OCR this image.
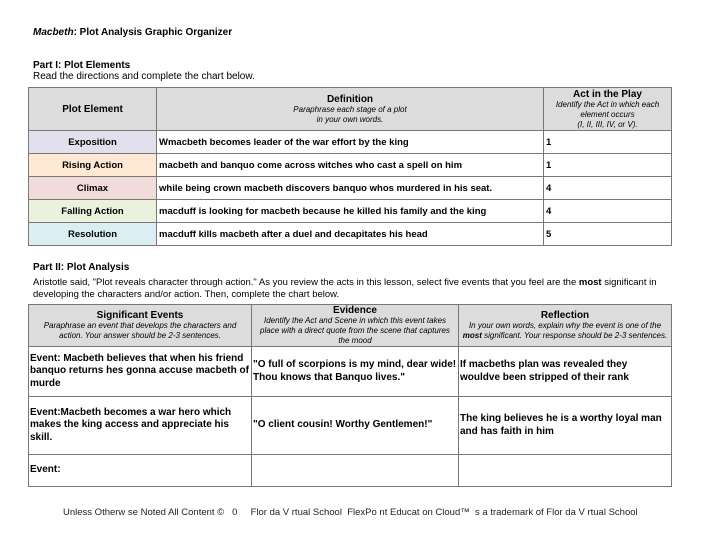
Macbeth: Plot Analysis Graphic Organizer
Part I: Plot Elements
Read the directions and complete the chart below.
Plot Element	Definition
Paraphrase each stage of a plot
in your own words.	Act in the Play
Identify the Act in which each
element occurs
(I, II, III, IV, or V).

Exposition	Wmacbeth becomes leader of the war effort by the king	1
Rising Action	macbeth and banquo come across witches who cast a spell on him	1
Climax	while being crown macbeth discovers banquo whos murdered in his seat.	4
Falling Action	macduff is looking for macbeth because he killed his family and the king	4
Resolution	macduff kills macbeth after a duel and decapitates his head	5
Part II: Plot Analysis
Aristotle said, "Plot reveals character through action." As you review the acts in this lesson, select five events that you feel are the most significant in developing the characters and/or action. Then, complete the chart below.
Significant Events
Paraphrase an event that develops the characters and
action. Your answer should be 2-3 sentences.	Evidence
Identify the Act and Scene in which this event takes
place with a direct quote from the scene that captures
the mood	Reflection
In your own words, explain why the event is one of the
most significant. Your response should be 2-3 sentences.

Event: Macbeth believes that when his friend banquo returns hes gonna accuse macbeth of murde	"O full of scorpions is my mind, dear wide! Thou knows that Banquo lives."	If macbeths plan was revealed they wouldve been stripped of their rank
Event:Macbeth becomes a war hero which makes the king access and appreciate his skill.	"O client cousin! Worthy Gentlemen!"	The king believes he is a worthy loyal man and has faith in him
Event:		
Unless Otherw se Noted All Content ©   0     Flor da V rtual School  FlexPo nt Educat on Cloud™  s a trademark of Flor da V rtual School
